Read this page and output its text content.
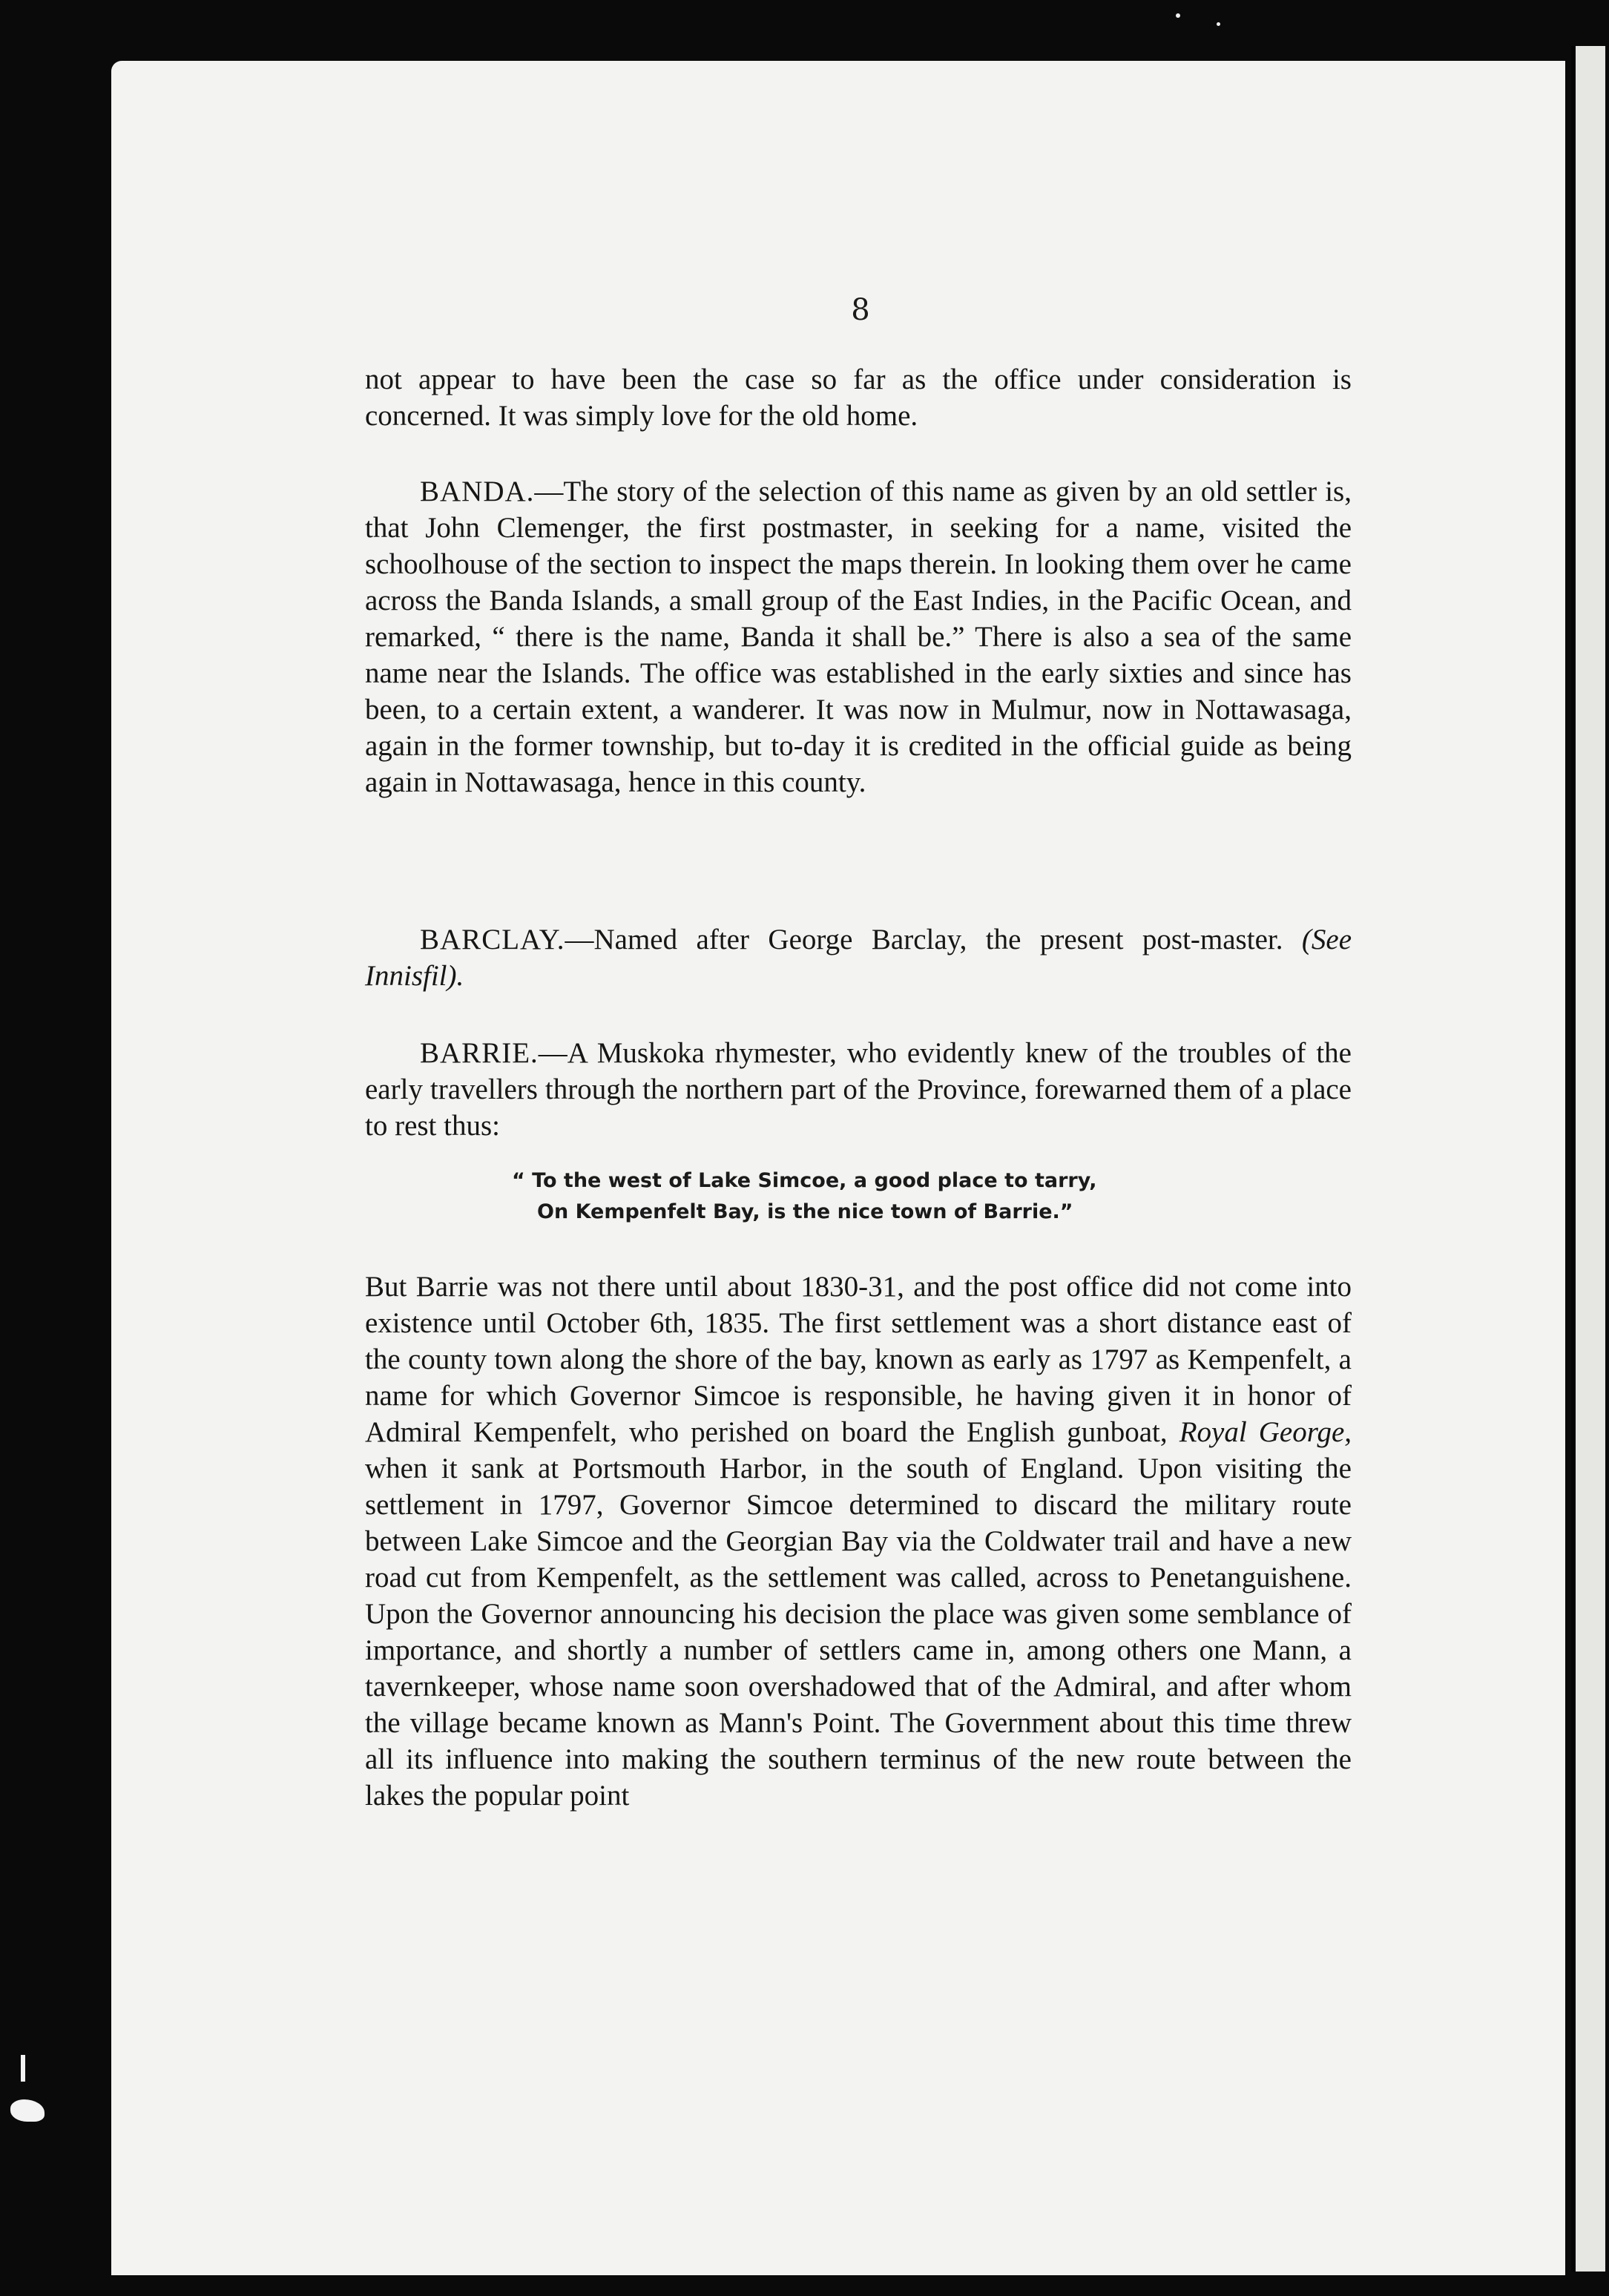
8

not appear to have been the case so far as the office under consideration is concerned. It was simply love for the old home.

BANDA.—The story of the selection of this name as given by an old settler is, that John Clemenger, the first postmaster, in seeking for a name, visited the schoolhouse of the section to inspect the maps therein. In looking them over he came across the Banda Islands, a small group of the East Indies, in the Pacific Ocean, and remarked, “ there is the name, Banda it shall be.” There is also a sea of the same name near the Islands. The office was established in the early sixties and since has been, to a certain extent, a wanderer. It was now in Mulmur, now in Nottawasaga, again in the former township, but to-day it is credited in the official guide as being again in Nottawasaga, hence in this county.

BARCLAY.—Named after George Barclay, the present post-master. (See Innisfil).

BARRIE.—A Muskoka rhymester, who evidently knew of the troubles of the early travellers through the northern part of the Province, forewarned them of a place to rest thus:

“ To the west of Lake Simcoe, a good place to tarry,
On Kempenfelt Bay, is the nice town of Barrie.”

But Barrie was not there until about 1830-31, and the post office did not come into existence until October 6th, 1835. The first settlement was a short distance east of the county town along the shore of the bay, known as early as 1797 as Kempenfelt, a name for which Governor Simcoe is responsible, he having given it in honor of Admiral Kempenfelt, who perished on board the English gunboat, Royal George, when it sank at Portsmouth Harbor, in the south of England. Upon visiting the settlement in 1797, Governor Simcoe determined to discard the military route between Lake Simcoe and the Georgian Bay via the Coldwater trail and have a new road cut from Kempenfelt, as the settlement was called, across to Penetanguishene. Upon the Governor announcing his decision the place was given some semblance of importance, and shortly a number of settlers came in, among others one Mann, a tavernkeeper, whose name soon overshadowed that of the Admiral, and after whom the village became known as Mann's Point. The Government about this time threw all its influence into making the southern terminus of the new route between the lakes the popular point
